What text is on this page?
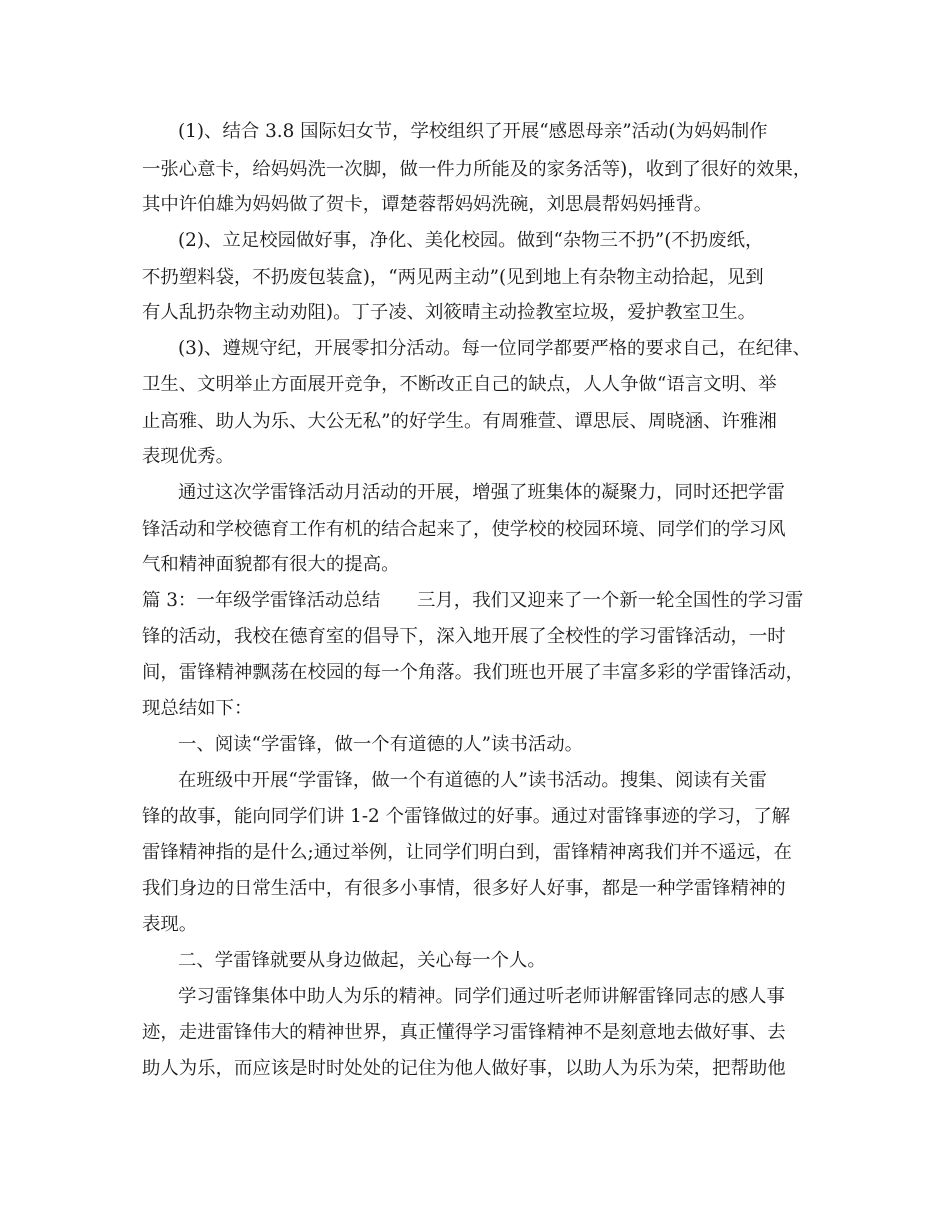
(1)、结合 3.8 国际妇女节，学校组织了开展“感恩母亲”活动(为妈妈制作
一张心意卡，给妈妈洗一次脚，做一件力所能及的家务活等)，收到了很好的效果，
其中许伯雄为妈妈做了贺卡，谭楚蓉帮妈妈洗碗，刘思晨帮妈妈捶背。
(2)、立足校园做好事，净化、美化校园。做到“杂物三不扔”(不扔废纸，
不扔塑料袋，不扔废包装盒)，“两见两主动”(见到地上有杂物主动拾起，见到
有人乱扔杂物主动劝阻)。丁子凌、刘筱晴主动捡教室垃圾，爱护教室卫生。
(3)、遵规守纪，开展零扣分活动。每一位同学都要严格的要求自己，在纪律、
卫生、文明举止方面展开竞争，不断改正自己的缺点，人人争做“语言文明、举
止高雅、助人为乐、大公无私”的好学生。有周雅萱、谭思辰、周晓涵、许雅湘
表现优秀。
通过这次学雷锋活动月活动的开展，增强了班集体的凝聚力，同时还把学雷
锋活动和学校德育工作有机的结合起来了，使学校的校园环境、同学们的学习风
气和精神面貌都有很大的提高。
篇 3：一年级学雷锋活动总结　　三月，我们又迎来了一个新一轮全国性的学习雷
锋的活动，我校在德育室的倡导下，深入地开展了全校性的学习雷锋活动，一时
间，雷锋精神飘荡在校园的每一个角落。我们班也开展了丰富多彩的学雷锋活动，
现总结如下：
一、阅读“学雷锋，做一个有道德的人”读书活动。
在班级中开展“学雷锋，做一个有道德的人”读书活动。搜集、阅读有关雷
锋的故事，能向同学们讲 1-2 个雷锋做过的好事。通过对雷锋事迹的学习，了解
雷锋精神指的是什么;通过举例，让同学们明白到，雷锋精神离我们并不遥远，在
我们身边的日常生活中，有很多小事情，很多好人好事，都是一种学雷锋精神的
表现。
二、学雷锋就要从身边做起，关心每一个人。
学习雷锋集体中助人为乐的精神。同学们通过听老师讲解雷锋同志的感人事
迹，走进雷锋伟大的精神世界，真正懂得学习雷锋精神不是刻意地去做好事、去
助人为乐，而应该是时时处处的记住为他人做好事，以助人为乐为荣，把帮助他
